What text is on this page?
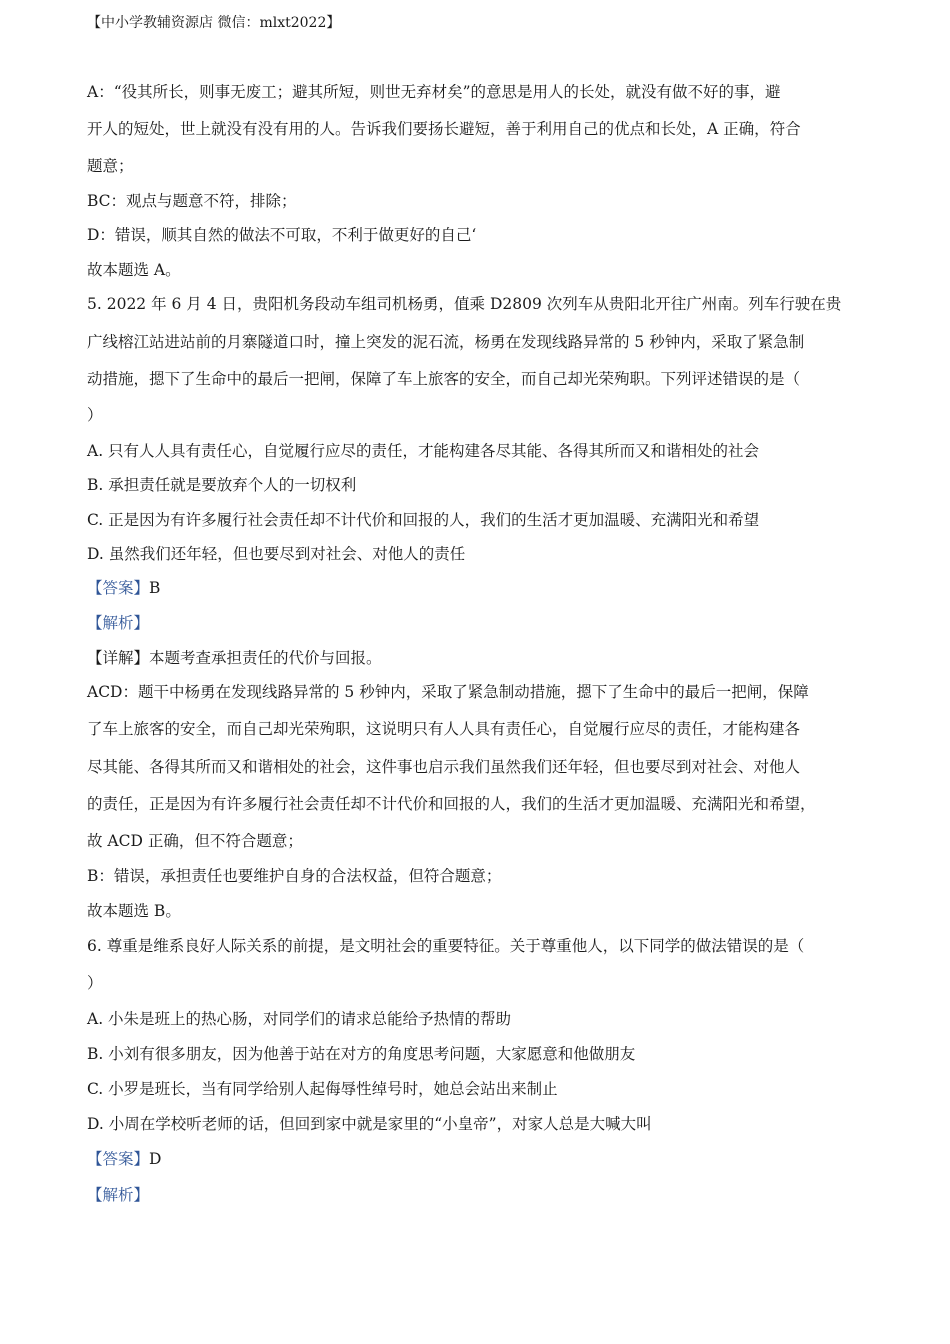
【中小学教辅资源店 微信：mlxt2022】
A：“役其所长，则事无废工；避其所短，则世无弃材矣”的意思是用人的长处，就没有做不好的事，避
开人的短处，世上就没有没有用的人。告诉我们要扬长避短，善于利用自己的优点和长处，A 正确，符合
题意；
BC：观点与题意不符，排除；
D：错误，顺其自然的做法不可取，不利于做更好的自己‘
故本题选 A。
5. 2022 年 6 月 4 日，贵阳机务段动车组司机杨勇，值乘 D2809 次列车从贵阳北开往广州南。列车行驶在贵
广线榕江站进站前的月寨隧道口时，撞上突发的泥石流，杨勇在发现线路异常的 5 秒钟内，采取了紧急制
动措施，摁下了生命中的最后一把闸，保障了车上旅客的安全，而自己却光荣殉职。下列评述错误的是（
）
A. 只有人人具有责任心，自觉履行应尽的责任，才能构建各尽其能、各得其所而又和谐相处的社会
B. 承担责任就是要放弃个人的一切权利
C. 正是因为有许多履行社会责任却不计代价和回报的人，我们的生活才更加温暖、充满阳光和希望
D. 虽然我们还年轻，但也要尽到对社会、对他人的责任
【答案】B
【解析】
【详解】本题考查承担责任的代价与回报。
ACD：题干中杨勇在发现线路异常的 5 秒钟内，采取了紧急制动措施，摁下了生命中的最后一把闸，保障
了车上旅客的安全，而自己却光荣殉职，这说明只有人人具有责任心，自觉履行应尽的责任，才能构建各
尽其能、各得其所而又和谐相处的社会，这件事也启示我们虽然我们还年轻，但也要尽到对社会、对他人
的责任，正是因为有许多履行社会责任却不计代价和回报的人，我们的生活才更加温暖、充满阳光和希望，
故 ACD 正确，但不符合题意；
B：错误，承担责任也要维护自身的合法权益，但符合题意；
故本题选 B。
6. 尊重是维系良好人际关系的前提，是文明社会的重要特征。关于尊重他人，以下同学的做法错误的是（
）
A. 小朱是班上的热心肠，对同学们的请求总能给予热情的帮助
B. 小刘有很多朋友，因为他善于站在对方的角度思考问题，大家愿意和他做朋友
C. 小罗是班长，当有同学给别人起侮辱性绰号时，她总会站出来制止
D. 小周在学校听老师的话，但回到家中就是家里的“小皇帝”，对家人总是大喊大叫
【答案】D
【解析】
